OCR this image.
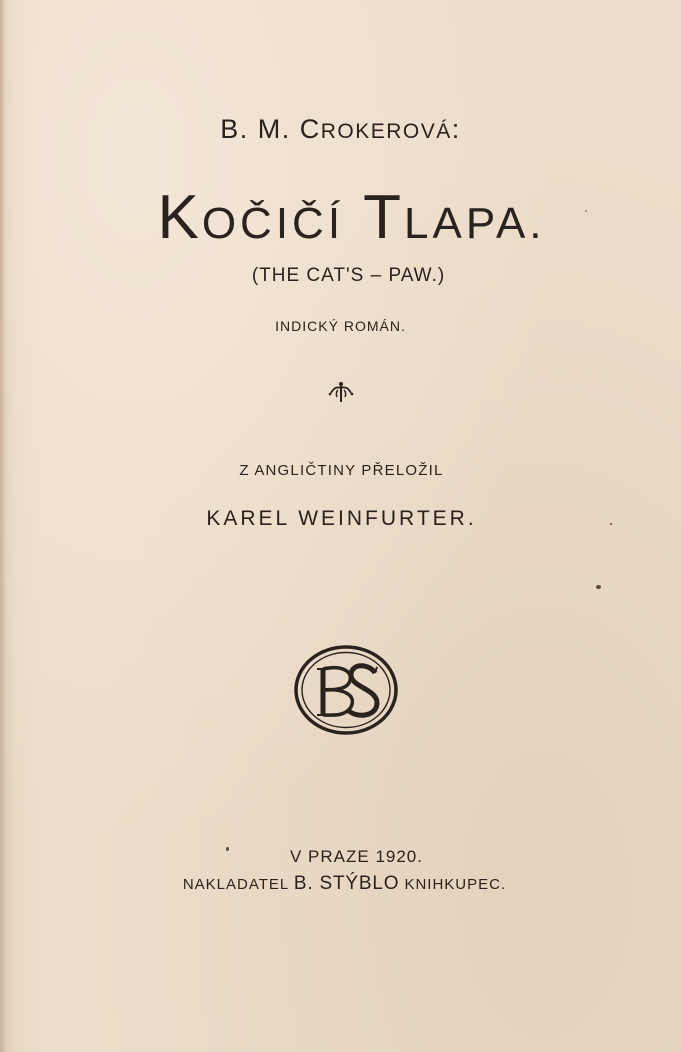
B. M. CROKEROVÁ:
KOČIČÍ TLAPA.
(THE CAT'S – PAW.)
INDICKÝ ROMÁN.
Z ANGLIČTINY PŘELOŽIL
KAREL WEINFURTER.
V PRAZE 1920.
NAKLADATEL B. STÝBLO KNIHKUPEC.
